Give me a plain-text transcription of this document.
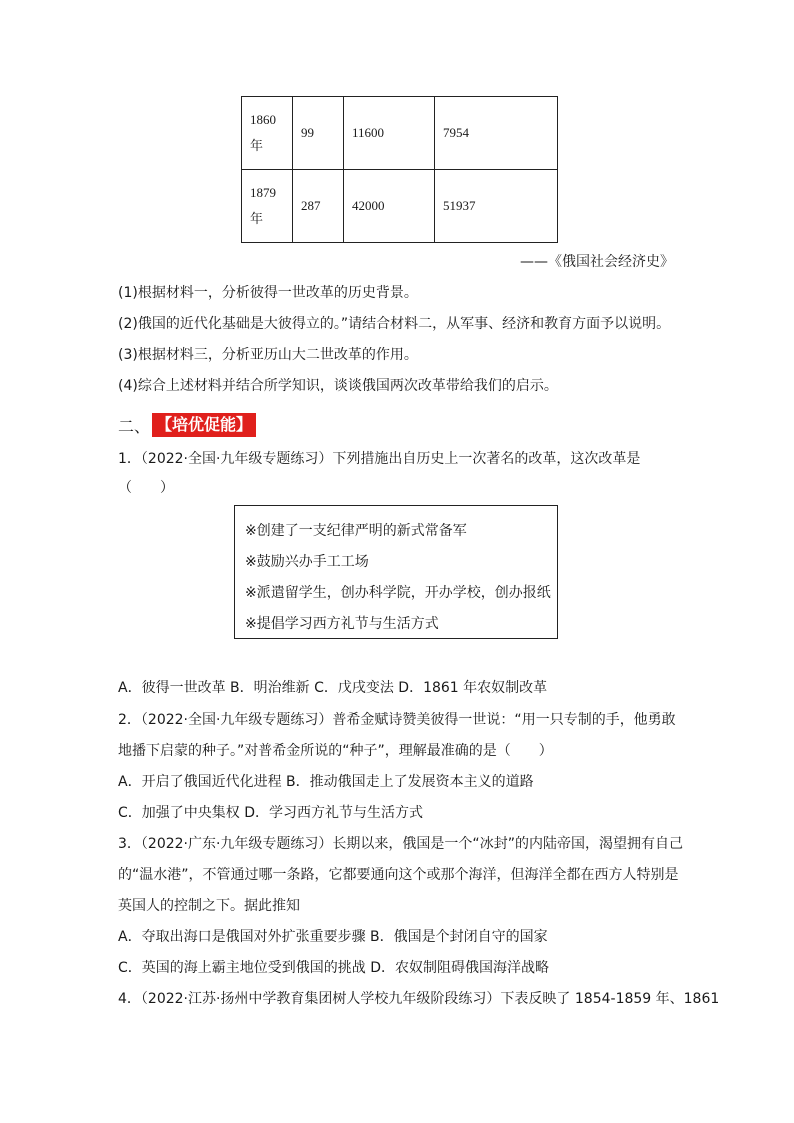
1860 年	99	11600	7954
1879 年	287	42000	51937
——《俄国社会经济史》
(1)根据材料一，分析彼得一世改革的历史背景。
(2)俄国的近代化基础是大彼得立的。”请结合材料二，从军事、经济和教育方面予以说明。
(3)根据材料三，分析亚历山大二世改革的作用。
(4)综合上述材料并结合所学知识，谈谈俄国两次改革带给我们的启示。
二、 【培优促能】
1．（2022·全国·九年级专题练习）下列措施出自历史上一次著名的改革，这次改革是
（　　）
※创建了一支纪律严明的新式常备军
※鼓励兴办手工工场
※派遣留学生，创办科学院，开办学校，创办报纸
※提倡学习西方礼节与生活方式
A．彼得一世改革 B．明治维新 C．戊戌变法 D．1861 年农奴制改革
2．（2022·全国·九年级专题练习）普希金赋诗赞美彼得一世说：“用一只专制的手，他勇敢
地播下启蒙的种子。”对普希金所说的“种子”，理解最准确的是（　　）
A．开启了俄国近代化进程 B．推动俄国走上了发展资本主义的道路
C．加强了中央集权 D．学习西方礼节与生活方式
3．（2022·广东·九年级专题练习）长期以来，俄国是一个“冰封”的内陆帝国，渴望拥有自己
的“温水港”，不管通过哪一条路，它都要通向这个或那个海洋，但海洋全都在西方人特别是
英国人的控制之下。据此推知
A．夺取出海口是俄国对外扩张重要步骤 B．俄国是个封闭自守的国家
C．英国的海上霸主地位受到俄国的挑战 D．农奴制阻碍俄国海洋战略
4．（2022·江苏·扬州中学教育集团树人学校九年级阶段练习）下表反映了 1854-1859 年、1861
